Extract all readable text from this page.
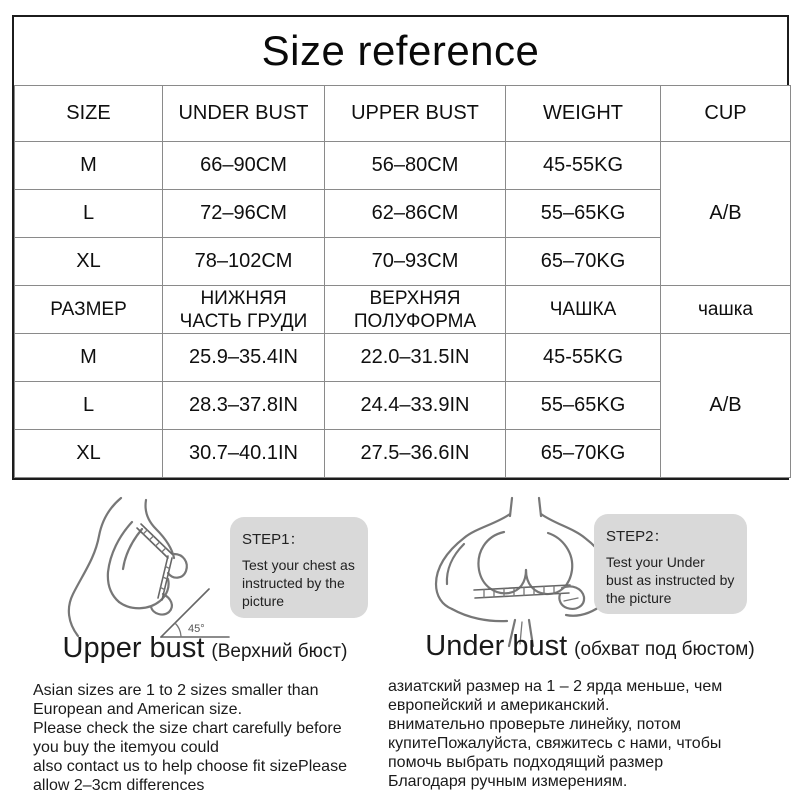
Size reference
SIZE	UNDER BUST	UPPER BUST	WEIGHT	CUP
M	66–90CM	56–80CM	45-55KG	A/B
L	72–96CM	62–86CM	55–65KG	
XL	78–102CM	70–93CM	65–70KG	
РАЗМЕР	НИЖНЯЯ ЧАСТЬ ГРУДИ	ВЕРХНЯЯ ПОЛУФОРМА	ЧАШКА	чашка
M	25.9–35.4IN	22.0–31.5IN	45-55KG	A/B
L	28.3–37.8IN	24.4–33.9IN	55–65KG	
XL	30.7–40.1IN	27.5–36.6IN	65–70KG	
45°

STEP1：

Test your chest as instructed by the picture

STEP2：

Test your Under bust as instructed by the picture

Upper bust (Верхний бюст)	Under bust (обхват под бюстом)
Asian sizes are 1 to 2 sizes smaller than
European and American size.
Please check the size chart carefully before
you buy the itemyou could
also contact us to help choose fit sizePlease
allow 2–3cm differences
азиатский размер на 1 – 2 ярда меньше, чем
европейский и американский.
внимательно проверьте линейку, потом
купитеПожалуйста, свяжитесь с нами, чтобы
помочь выбрать подходящий размер
Благодаря ручным измерениям.
